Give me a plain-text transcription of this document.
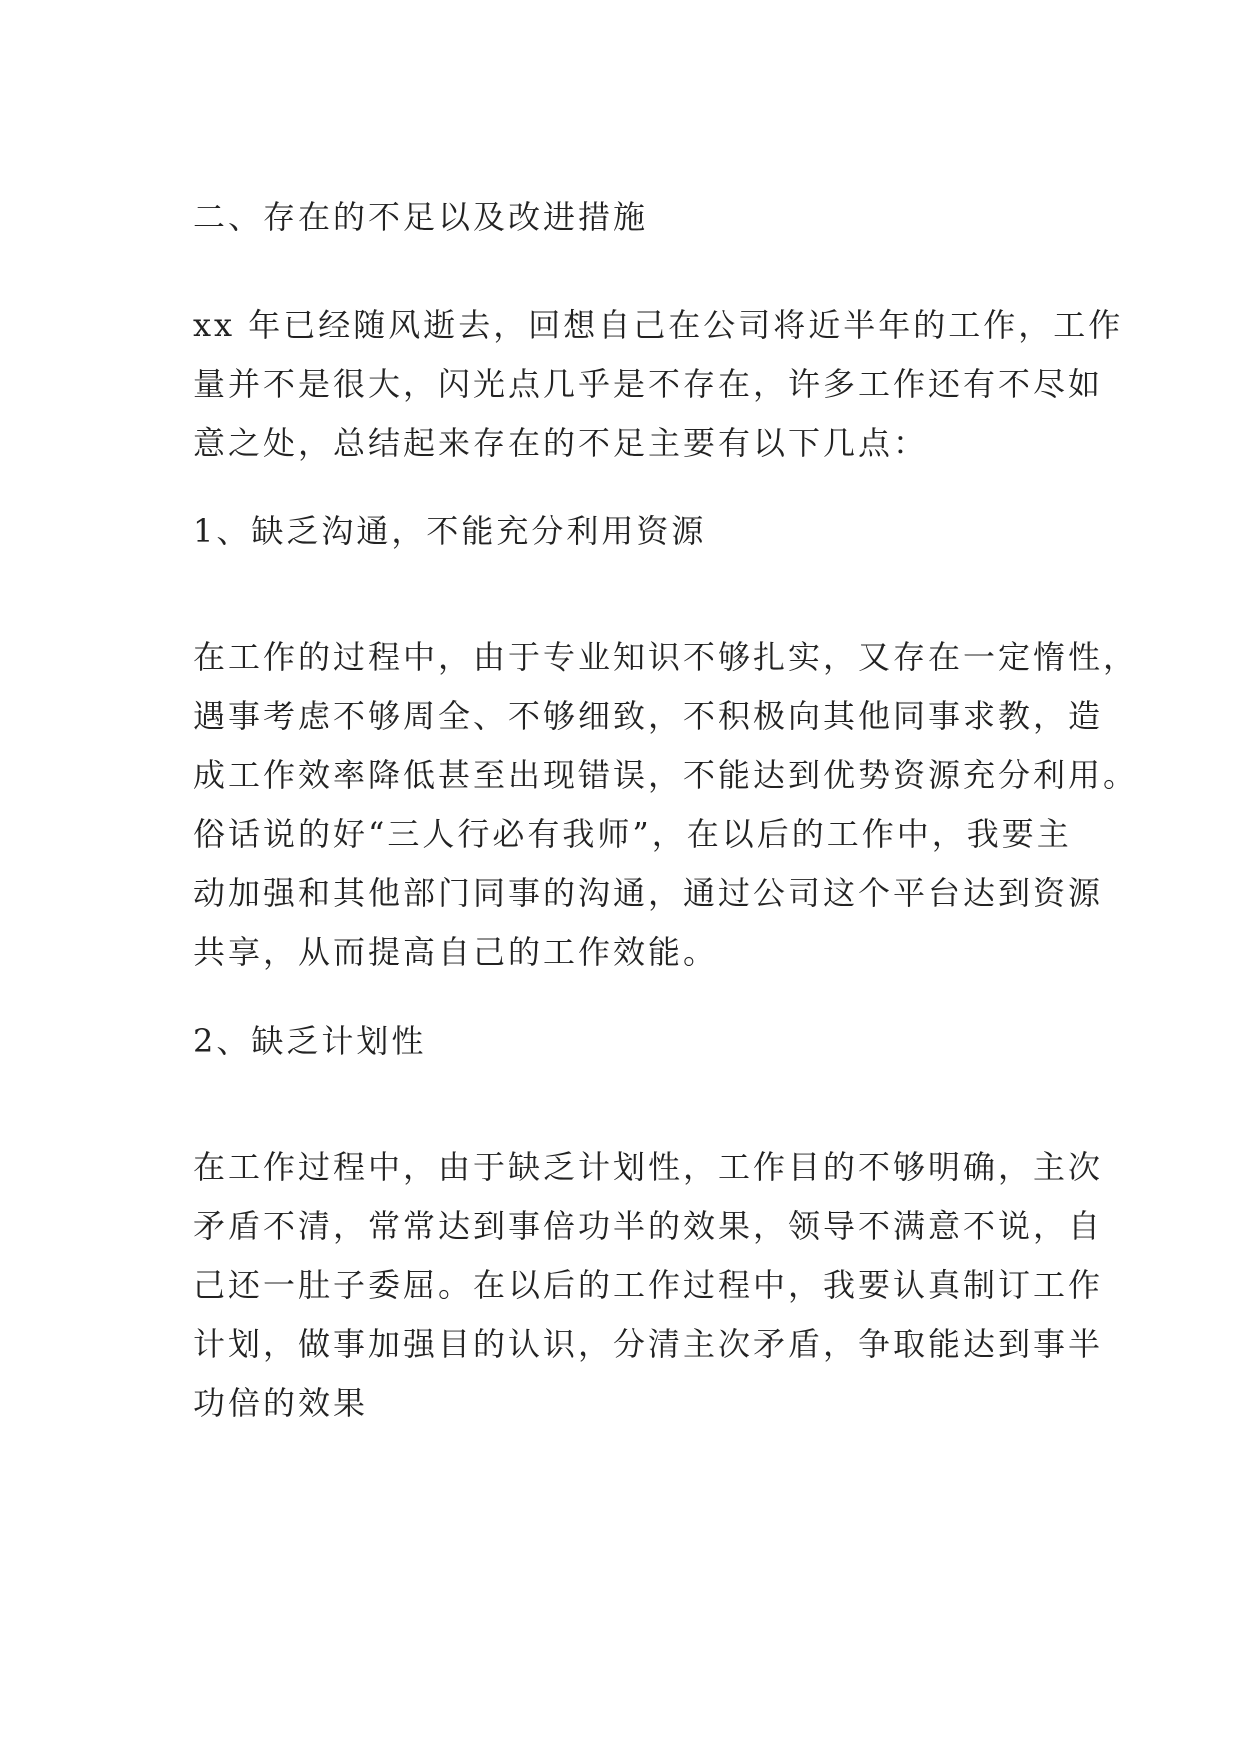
二、存在的不足以及改进措施
xx 年已经随风逝去，回想自己在公司将近半年的工作，工作
量并不是很大，闪光点几乎是不存在，许多工作还有不尽如
意之处，总结起来存在的不足主要有以下几点：
1、缺乏沟通，不能充分利用资源
在工作的过程中，由于专业知识不够扎实，又存在一定惰性，
遇事考虑不够周全、不够细致，不积极向其他同事求教，造
成工作效率降低甚至出现错误，不能达到优势资源充分利用。
俗话说的好“三人行必有我师”，在以后的工作中，我要主
动加强和其他部门同事的沟通，通过公司这个平台达到资源
共享，从而提高自己的工作效能。
2、缺乏计划性
在工作过程中，由于缺乏计划性，工作目的不够明确，主次
矛盾不清，常常达到事倍功半的效果，领导不满意不说，自
己还一肚子委屈。在以后的工作过程中，我要认真制订工作
计划，做事加强目的认识，分清主次矛盾，争取能达到事半
功倍的效果
